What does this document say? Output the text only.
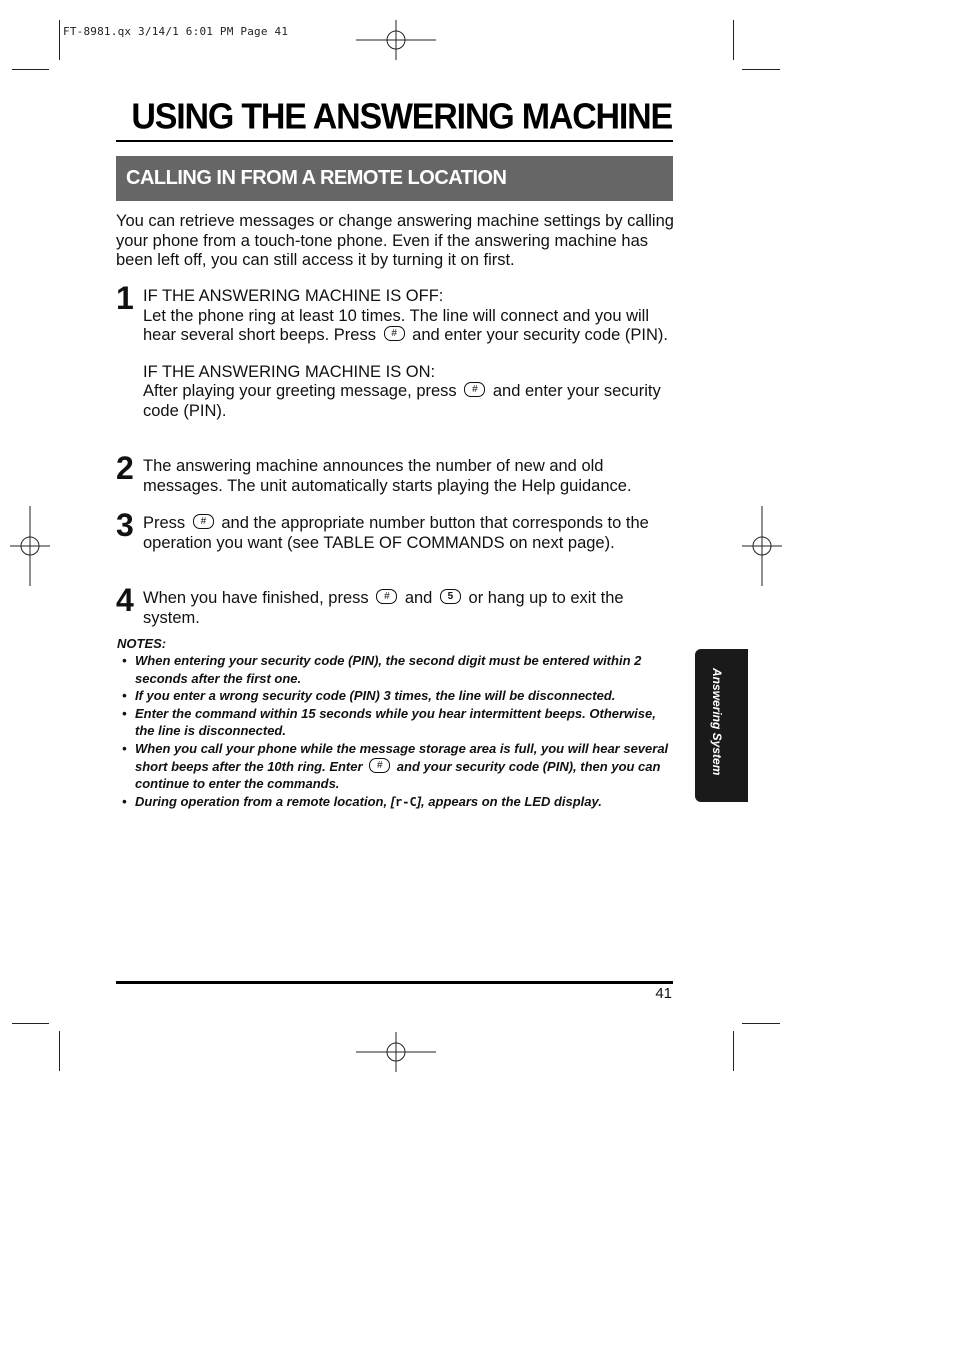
FT-8981.qx 3/14/1 6:01 PM Page 41
USING THE ANSWERING MACHINE
CALLING IN FROM A REMOTE LOCATION
You can retrieve messages or change answering machine settings by calling your phone from a touch-tone phone. Even if the answering machine has been left off, you can still access it by turning it on first.
1 IF THE ANSWERING MACHINE IS OFF:

Let the phone ring at least 10 times. The line will connect and you will hear several short beeps. Press # and enter your security code (PIN).

IF THE ANSWERING MACHINE IS ON:

After playing your greeting message, press # and enter your security code (PIN).

2 The answering machine announces the number of new and old messages. The unit automatically starts playing the Help guidance.

3 Press # and the appropriate number button that corresponds to the operation you want (see TABLE OF COMMANDS on next page).

4 When you have finished, press # and 5 or hang up to exit the system.

NOTES:
• When entering your security code (PIN), the second digit must be entered within 2 seconds after the first one.
• If you enter a wrong security code (PIN) 3 times, the line will be disconnected.
• Enter the command within 15 seconds while you hear intermittent beeps. Otherwise, the line is disconnected.
• When you call your phone while the message storage area is full, you will hear several short beeps after the 10th ring. Enter # and your security code (PIN), then you can continue to enter the commands.
• During operation from a remote location, [r-C], appears on the LED display.
Answering System
41
